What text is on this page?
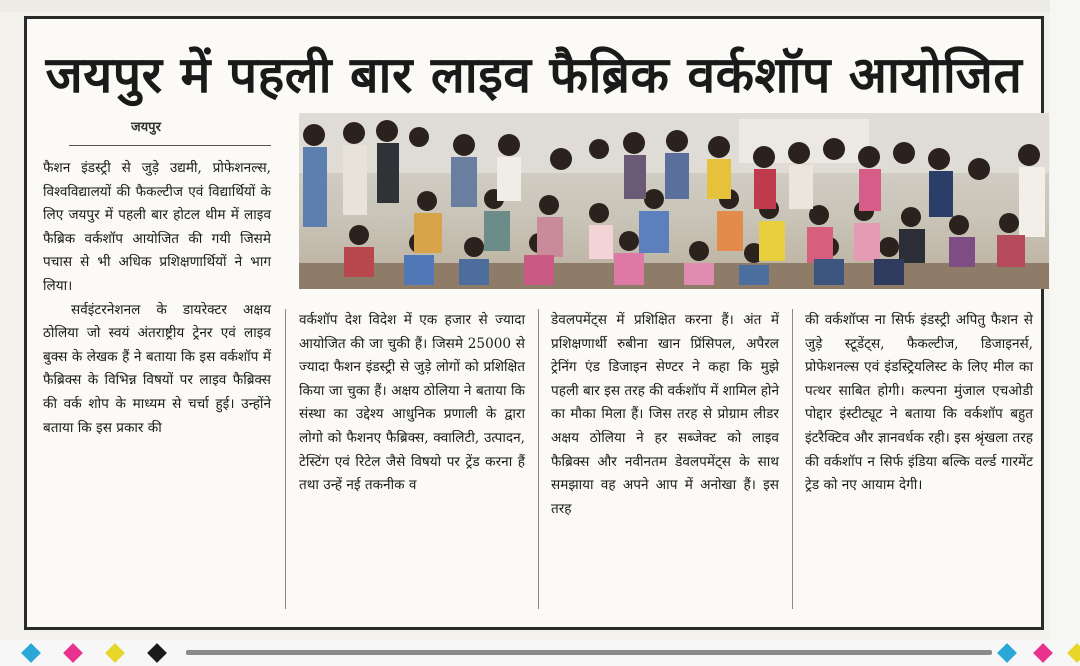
जयपुर में पहली बार लाइव फैब्रिक वर्कशॉप आयोजित
जयपुर

फैशन इंडस्ट्री से जुड़े उद्यमी, प्रोफेशनल्स, विश्वविद्यालयों की फैकल्टीज एवं विद्यार्थियों के लिए जयपुर में पहली बार होटल थीम में लाइव फैब्रिक वर्कशॉप आयोजित की गयी जिसमे पचास से भी अधिक प्रशिक्षणार्थियों ने भाग लिया।

सर्वइंटरनेशनल के डायरेक्टर अक्षय ठोलिया जो स्वयं अंतराष्ट्रीय ट्रेनर एवं लाइव बुक्स के लेखक हैं ने बताया कि इस वर्कशॉप में फैब्रिक्स के विभिन्न विषयों पर लाइव फैब्रिक्स की वर्क शोप के माध्यम से चर्चा हुई। उन्होंने बताया कि इस प्रकार की

वर्कशॉप देश विदेश में एक हजार से ज्यादा आयोजित की जा चुकी हैं। जिसमे 25000 से ज्यादा फैशन इंडस्ट्री से जुड़े लोगों को प्रशिक्षित किया जा चुका हैं। अक्षय ठोलिया ने बताया कि संस्था का उद्देश्य आधुनिक प्रणाली के द्वारा लोगो को फैशनए फैब्रिक्स, क्वालिटी, उत्पादन, टेस्टिंग एवं रिटेल जैसे विषयो पर ट्रेंड करना हैं तथा उन्हें नई तकनीक व
डेवलपमेंट्स में प्रशिक्षित करना हैं। अंत में प्रशिक्षणार्थी रुबीना खान प्रिंसिपल, अपैरल ट्रेनिंग एंड डिजाइन सेण्टर ने कहा कि मुझे पहली बार इस तरह की वर्कशॉप में शामिल होने का मौका मिला हैं। जिस तरह से प्रोग्राम लीडर अक्षय ठोलिया ने हर सब्जेक्ट को लाइव फैब्रिक्स और नवीनतम डेवलपमेंट्स के साथ समझाया वह अपने आप में अनोखा हैं। इस तरह
की वर्कशॉप्स ना सिर्फ इंडस्ट्री अपितु फैशन से जुड़े स्टूडेंट्स, फैकल्टीज, डिजाइनर्स, प्रोफेशनल्स एवं इंडस्ट्रियलिस्ट के लिए मील का पत्थर साबित होगी। कल्पना मुंजाल एचओडी पोद्दार इंस्टीट्यूट ने बताया कि वर्कशॉप बहुत इंटरैक्टिव और ज्ञानवर्धक रही। इस श्रृंखला तरह की वर्कशॉप न सिर्फ इंडिया बल्कि वर्ल्ड गारमेंट ट्रेड को नए आयाम देगी।
